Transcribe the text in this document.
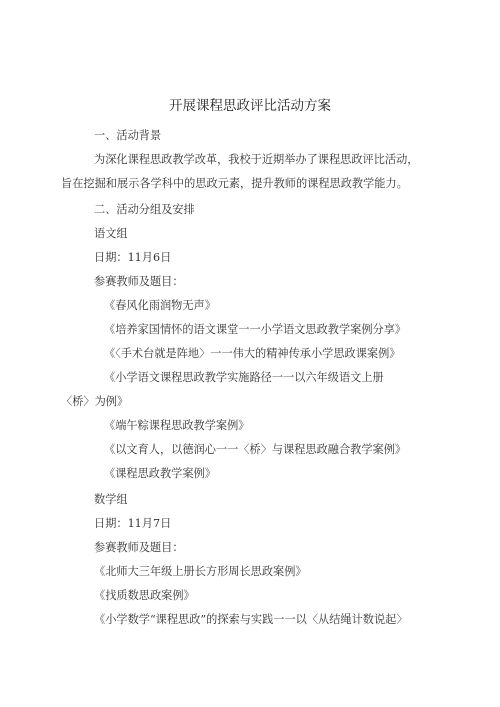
开展课程思政评比活动方案
一、活动背景
为深化课程思政教学改革，我校于近期举办了课程思政评比活动，
旨在挖掘和展示各学科中的思政元素，提升教师的课程思政教学能力。
二、活动分组及安排
语文组
日期：11月6日
参赛教师及题目：
《春风化雨润物无声》
《培养家国情怀的语文课堂一一小学语文思政教学案例分享》
《〈手术台就是阵地〉一一伟大的精神传承小学思政课案例》
《小学语文课程思政教学实施路径一一以六年级语文上册
〈桥〉为例》
《端午粽课程思政教学案例》
《以文育人，以德润心一一〈桥〉与课程思政融合教学案例》
《课程思政教学案例》
数学组
日期：11月7日
参赛教师及题目：
《北师大三年级上册长方形周长思政案例》
《找质数思政案例》
《小学数学“课程思政”的探索与实践一一以〈从结绳计数说起〉
